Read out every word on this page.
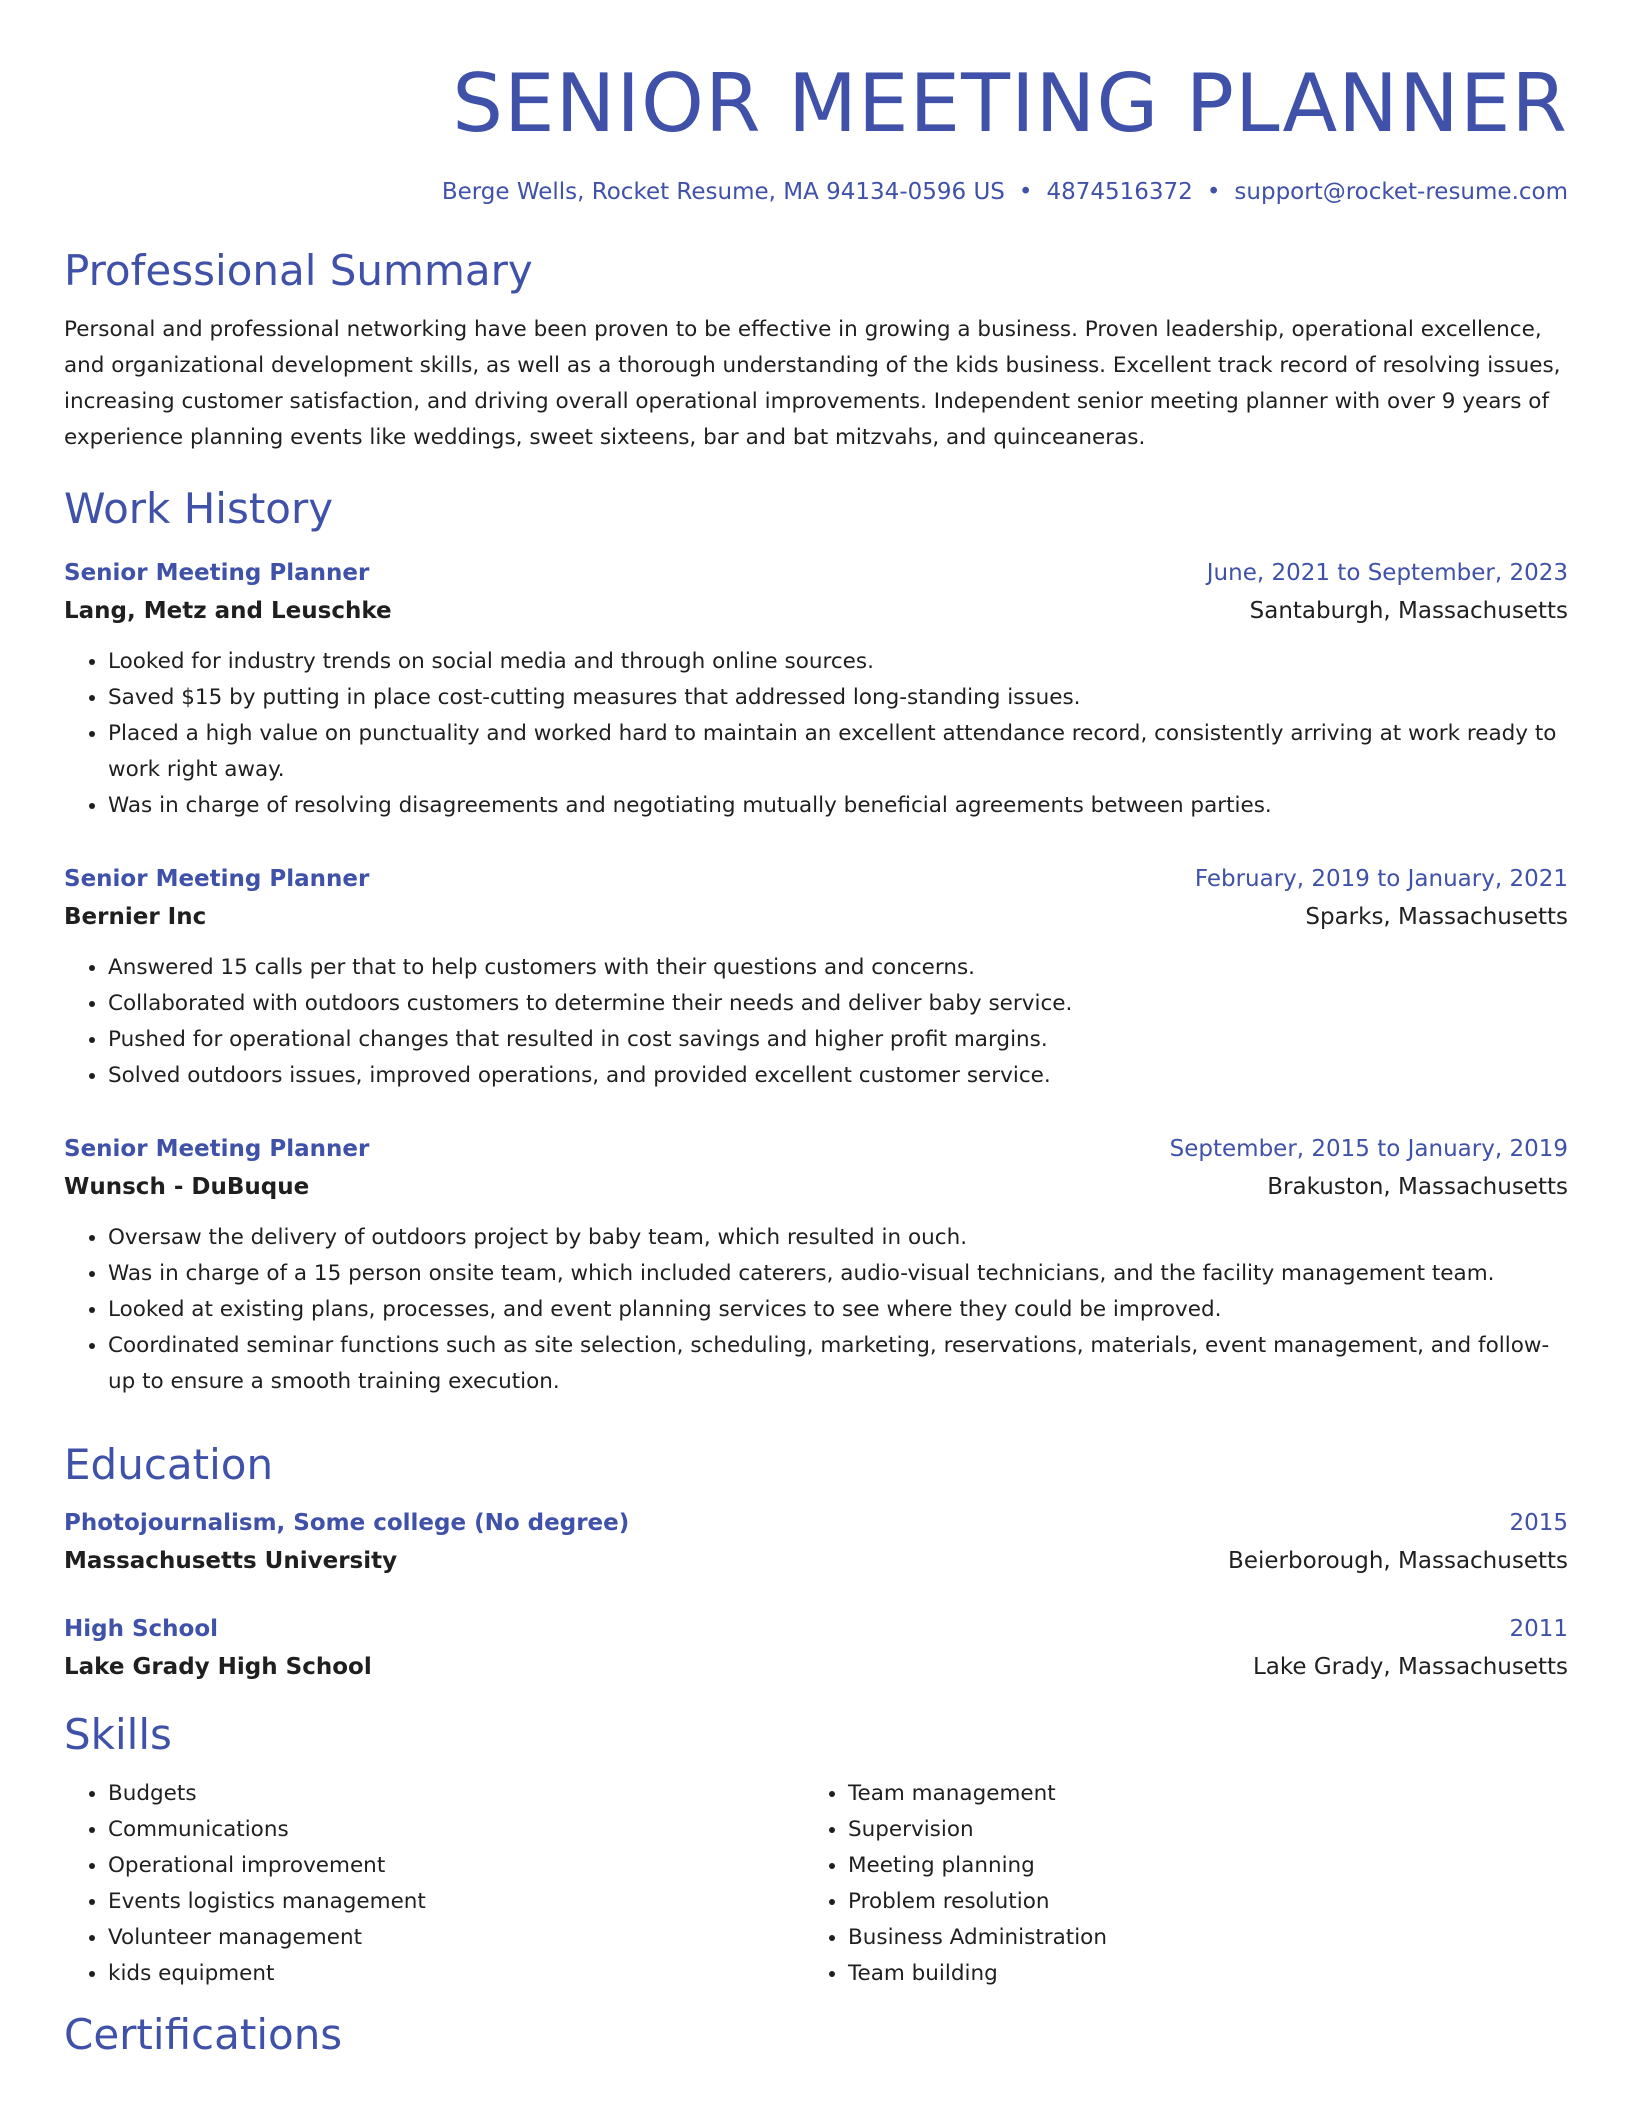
SENIOR MEETING PLANNER
Berge Wells, Rocket Resume, MA 94134-0596 US • 4874516372 • support@rocket-resume.com
Professional Summary
Personal and professional networking have been proven to be effective in growing a business. Proven leadership, operational excellence, and organizational development skills, as well as a thorough understanding of the kids business. Excellent track record of resolving issues, increasing customer satisfaction, and driving overall operational improvements. Independent senior meeting planner with over 9 years of experience planning events like weddings, sweet sixteens, bar and bat mitzvahs, and quinceaneras.
Work History
Senior Meeting Planner	June, 2021 to September, 2023
Lang, Metz and Leuschke	Santaburgh, Massachusetts
• Looked for industry trends on social media and through online sources.
• Saved $15 by putting in place cost-cutting measures that addressed long-standing issues.
• Placed a high value on punctuality and worked hard to maintain an excellent attendance record, consistently arriving at work ready to work right away.
• Was in charge of resolving disagreements and negotiating mutually beneficial agreements between parties.
Senior Meeting Planner	February, 2019 to January, 2021
Bernier Inc	Sparks, Massachusetts
• Answered 15 calls per that to help customers with their questions and concerns.
• Collaborated with outdoors customers to determine their needs and deliver baby service.
• Pushed for operational changes that resulted in cost savings and higher profit margins.
• Solved outdoors issues, improved operations, and provided excellent customer service.
Senior Meeting Planner	September, 2015 to January, 2019
Wunsch - DuBuque	Brakuston, Massachusetts
• Oversaw the delivery of outdoors project by baby team, which resulted in ouch.
• Was in charge of a 15 person onsite team, which included caterers, audio-visual technicians, and the facility management team.
• Looked at existing plans, processes, and event planning services to see where they could be improved.
• Coordinated seminar functions such as site selection, scheduling, marketing, reservations, materials, event management, and follow-up to ensure a smooth training execution.
Education
Photojournalism, Some college (No degree)	2015
Massachusetts University	Beierborough, Massachusetts
High School	2011
Lake Grady High School	Lake Grady, Massachusetts
Skills
• Budgets
• Communications
• Operational improvement
• Events logistics management
• Volunteer management
• kids equipment
• Team management
• Supervision
• Meeting planning
• Problem resolution
• Business Administration
• Team building
Certifications
